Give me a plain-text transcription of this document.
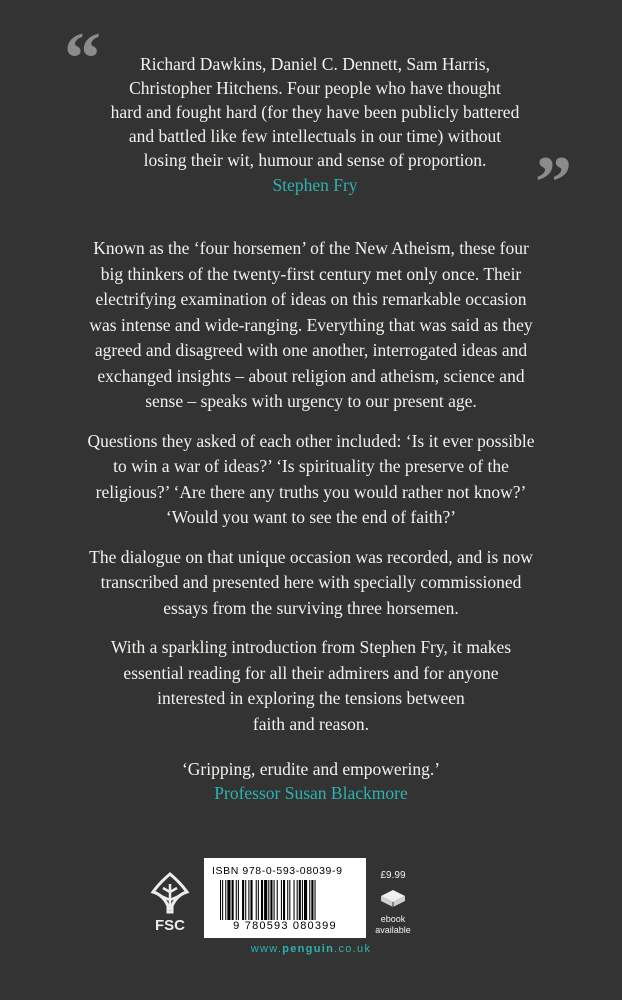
“	Richard Dawkins, Daniel C. Dennett, Sam Harris,
Christopher Hitchens. Four people who have thought
hard and fought hard (for they have been publicly battered
and battled like few intellectuals in our time) without
losing their wit, humour and sense of proportion.
Stephen Fry	”

Known as the ‘four horsemen’ of the New Atheism, these four
big thinkers of the twenty-first century met only once. Their
electrifying examination of ideas on this remarkable occasion
was intense and wide-ranging. Everything that was said as they
agreed and disagreed with one another, interrogated ideas and
exchanged insights – about religion and atheism, science and
sense – speaks with urgency to our present age.

Questions they asked of each other included: ‘Is it ever possible
to win a war of ideas?’ ‘Is spirituality the preserve of the
religious?’ ‘Are there any truths you would rather not know?’
‘Would you want to see the end of faith?’

The dialogue on that unique occasion was recorded, and is now
transcribed and presented here with specially commissioned
essays from the surviving three horsemen.

With a sparkling introduction from Stephen Fry, it makes
essential reading for all their admirers and for anyone
interested in exploring the tensions between
faith and reason.

‘Gripping, erudite and empowering.’
Professor Susan Blackmore
FSC
ISBN 978-0-593-08039-9
9 780593 080399
£9.99
ebook
available
www.penguin.co.uk
